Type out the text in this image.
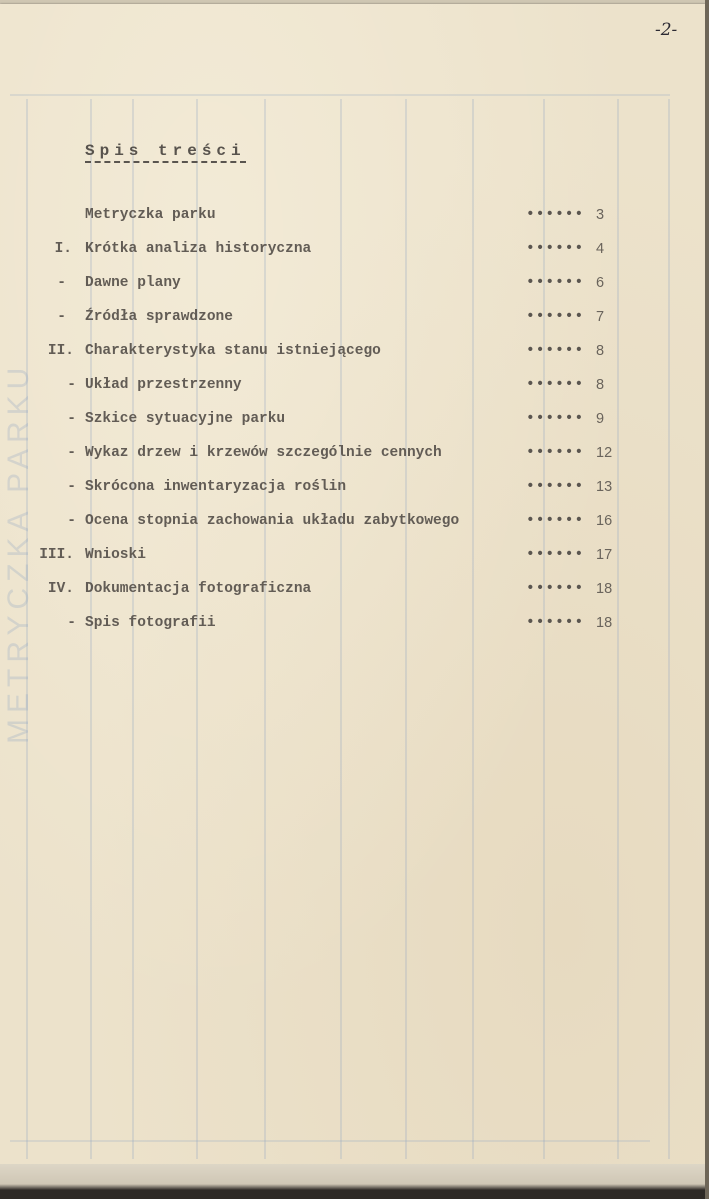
METRYCZKA PARKU
-2-
Spis treści
Metryczka parku	•••••• 3
I. Krótka analiza historyczna	•••••• 4
- Dawne plany	•••••• 6
- Źródła sprawdzone	•••••• 7
II. Charakterystyka stanu istniejącego	•••••• 8
- Układ przestrzenny	•••••• 8
- Szkice sytuacyjne parku	•••••• 9
- Wykaz drzew i krzewów szczególnie cennych	•••••• 12
- Skrócona inwentaryzacja roślin	•••••• 13
- Ocena stopnia zachowania układu zabytkowego	•••••• 16
III. Wnioski	•••••• 17
IV. Dokumentacja fotograficzna	•••••• 18
- Spis fotografii	•••••• 18
